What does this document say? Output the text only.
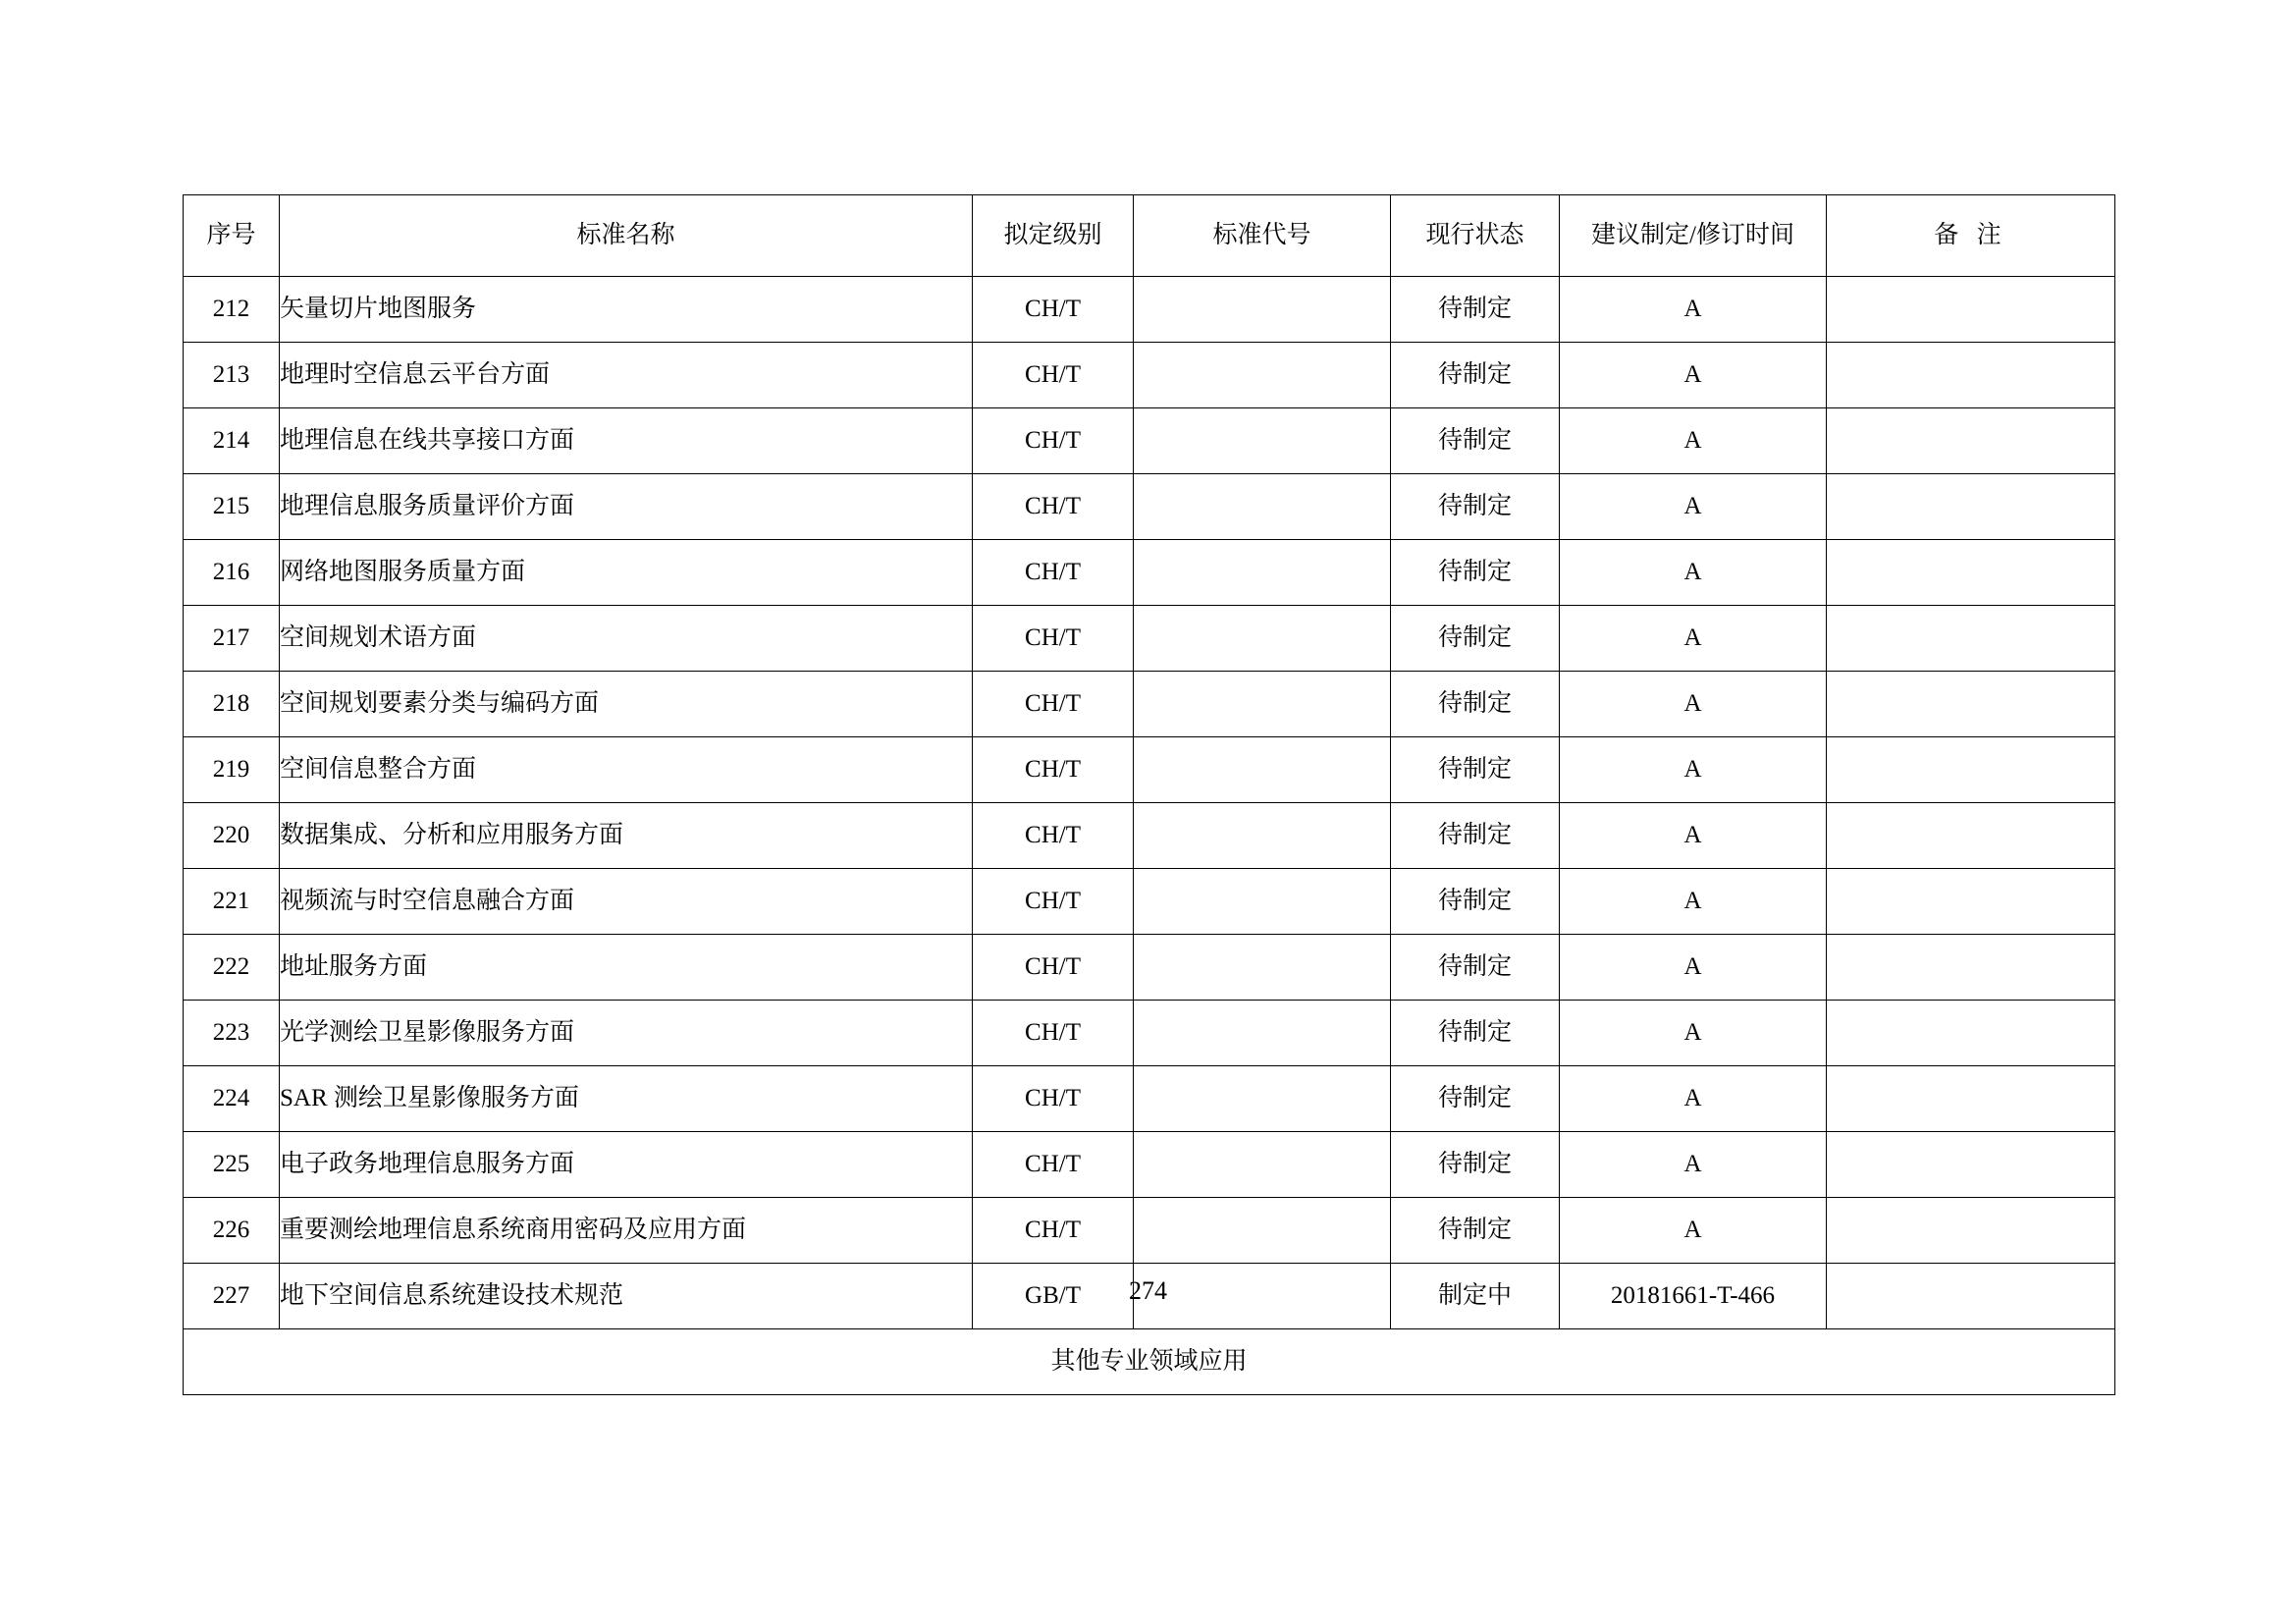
序号	标准名称	拟定级别	标准代号	现行状态	建议制定/修订时间	备 注

212	矢量切片地图服务	CH/T		待制定	A	
213	地理时空信息云平台方面	CH/T		待制定	A	
214	地理信息在线共享接口方面	CH/T		待制定	A	
215	地理信息服务质量评价方面	CH/T		待制定	A	
216	网络地图服务质量方面	CH/T		待制定	A	
217	空间规划术语方面	CH/T		待制定	A	
218	空间规划要素分类与编码方面	CH/T		待制定	A	
219	空间信息整合方面	CH/T		待制定	A	
220	数据集成、分析和应用服务方面	CH/T		待制定	A	
221	视频流与时空信息融合方面	CH/T		待制定	A	
222	地址服务方面	CH/T		待制定	A	
223	光学测绘卫星影像服务方面	CH/T		待制定	A	
224	SAR 测绘卫星影像服务方面	CH/T		待制定	A	
225	电子政务地理信息服务方面	CH/T		待制定	A	
226	重要测绘地理信息系统商用密码及应用方面	CH/T		待制定	A	
227	地下空间信息系统建设技术规范	GB/T		制定中	20181661-T-466	
其他专业领域应用						
274
